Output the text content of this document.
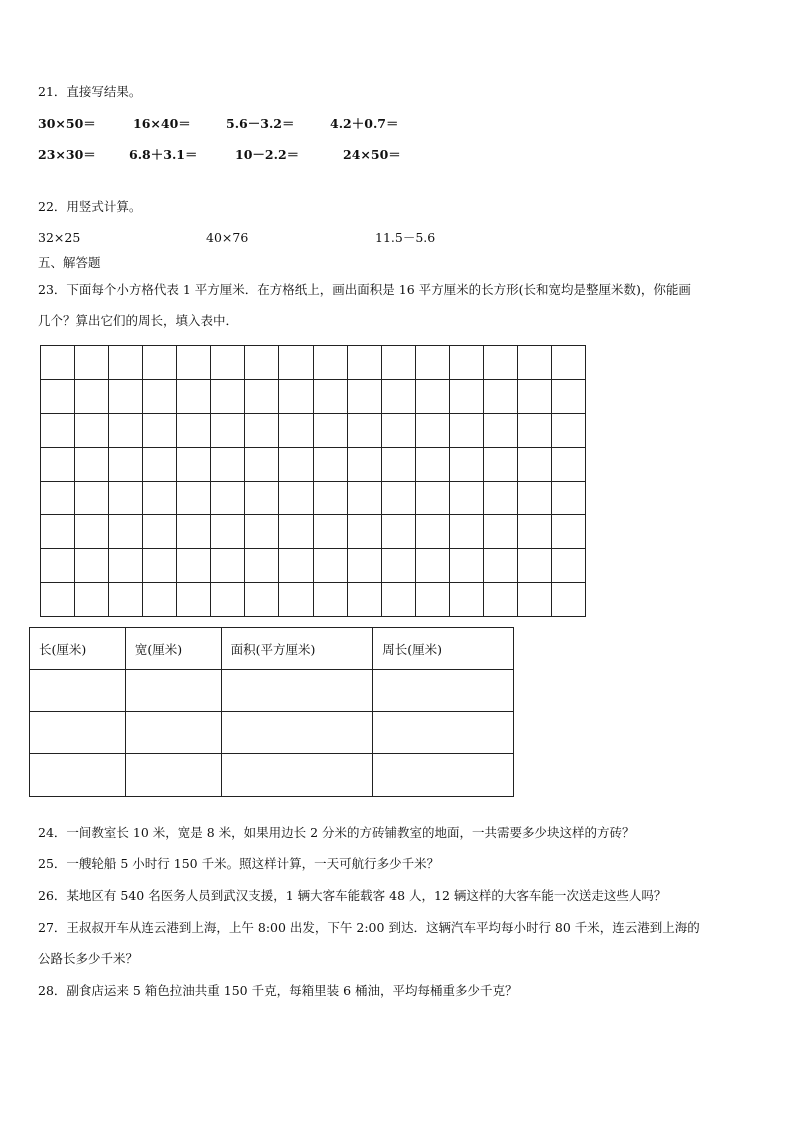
21．直接写结果。
30×50＝	16×40＝	5.6－3.2＝	4.2＋0.7＝
23×30＝	6.8＋3.1＝	10－2.2＝	24×50＝
22．用竖式计算。
32×25	40×76	11.5－5.6
五、解答题
23．下面每个小方格代表 1 平方厘米．在方格纸上，画出面积是 16 平方厘米的长方形(长和宽均是整厘米数)，你能画
几个？算出它们的周长，填入表中．

长(厘米)	宽(厘米)	面积(平方厘米)	周长(厘米)

24．一间教室长 10 米，宽是 8 米，如果用边长 2 分米的方砖铺教室的地面，一共需要多少块这样的方砖？
25．一艘轮船 5 小时行 150 千米。照这样计算，一天可航行多少千米？
26．某地区有 540 名医务人员到武汉支援，1 辆大客车能载客 48 人，12 辆这样的大客车能一次送走这些人吗？
27．王叔叔开车从连云港到上海，上午 8:00 出发，下午 2:00 到达．这辆汽车平均每小时行 80 千米，连云港到上海的
公路长多少千米？
28．副食店运来 5 箱色拉油共重 150 千克，每箱里装 6 桶油，平均每桶重多少千克？
